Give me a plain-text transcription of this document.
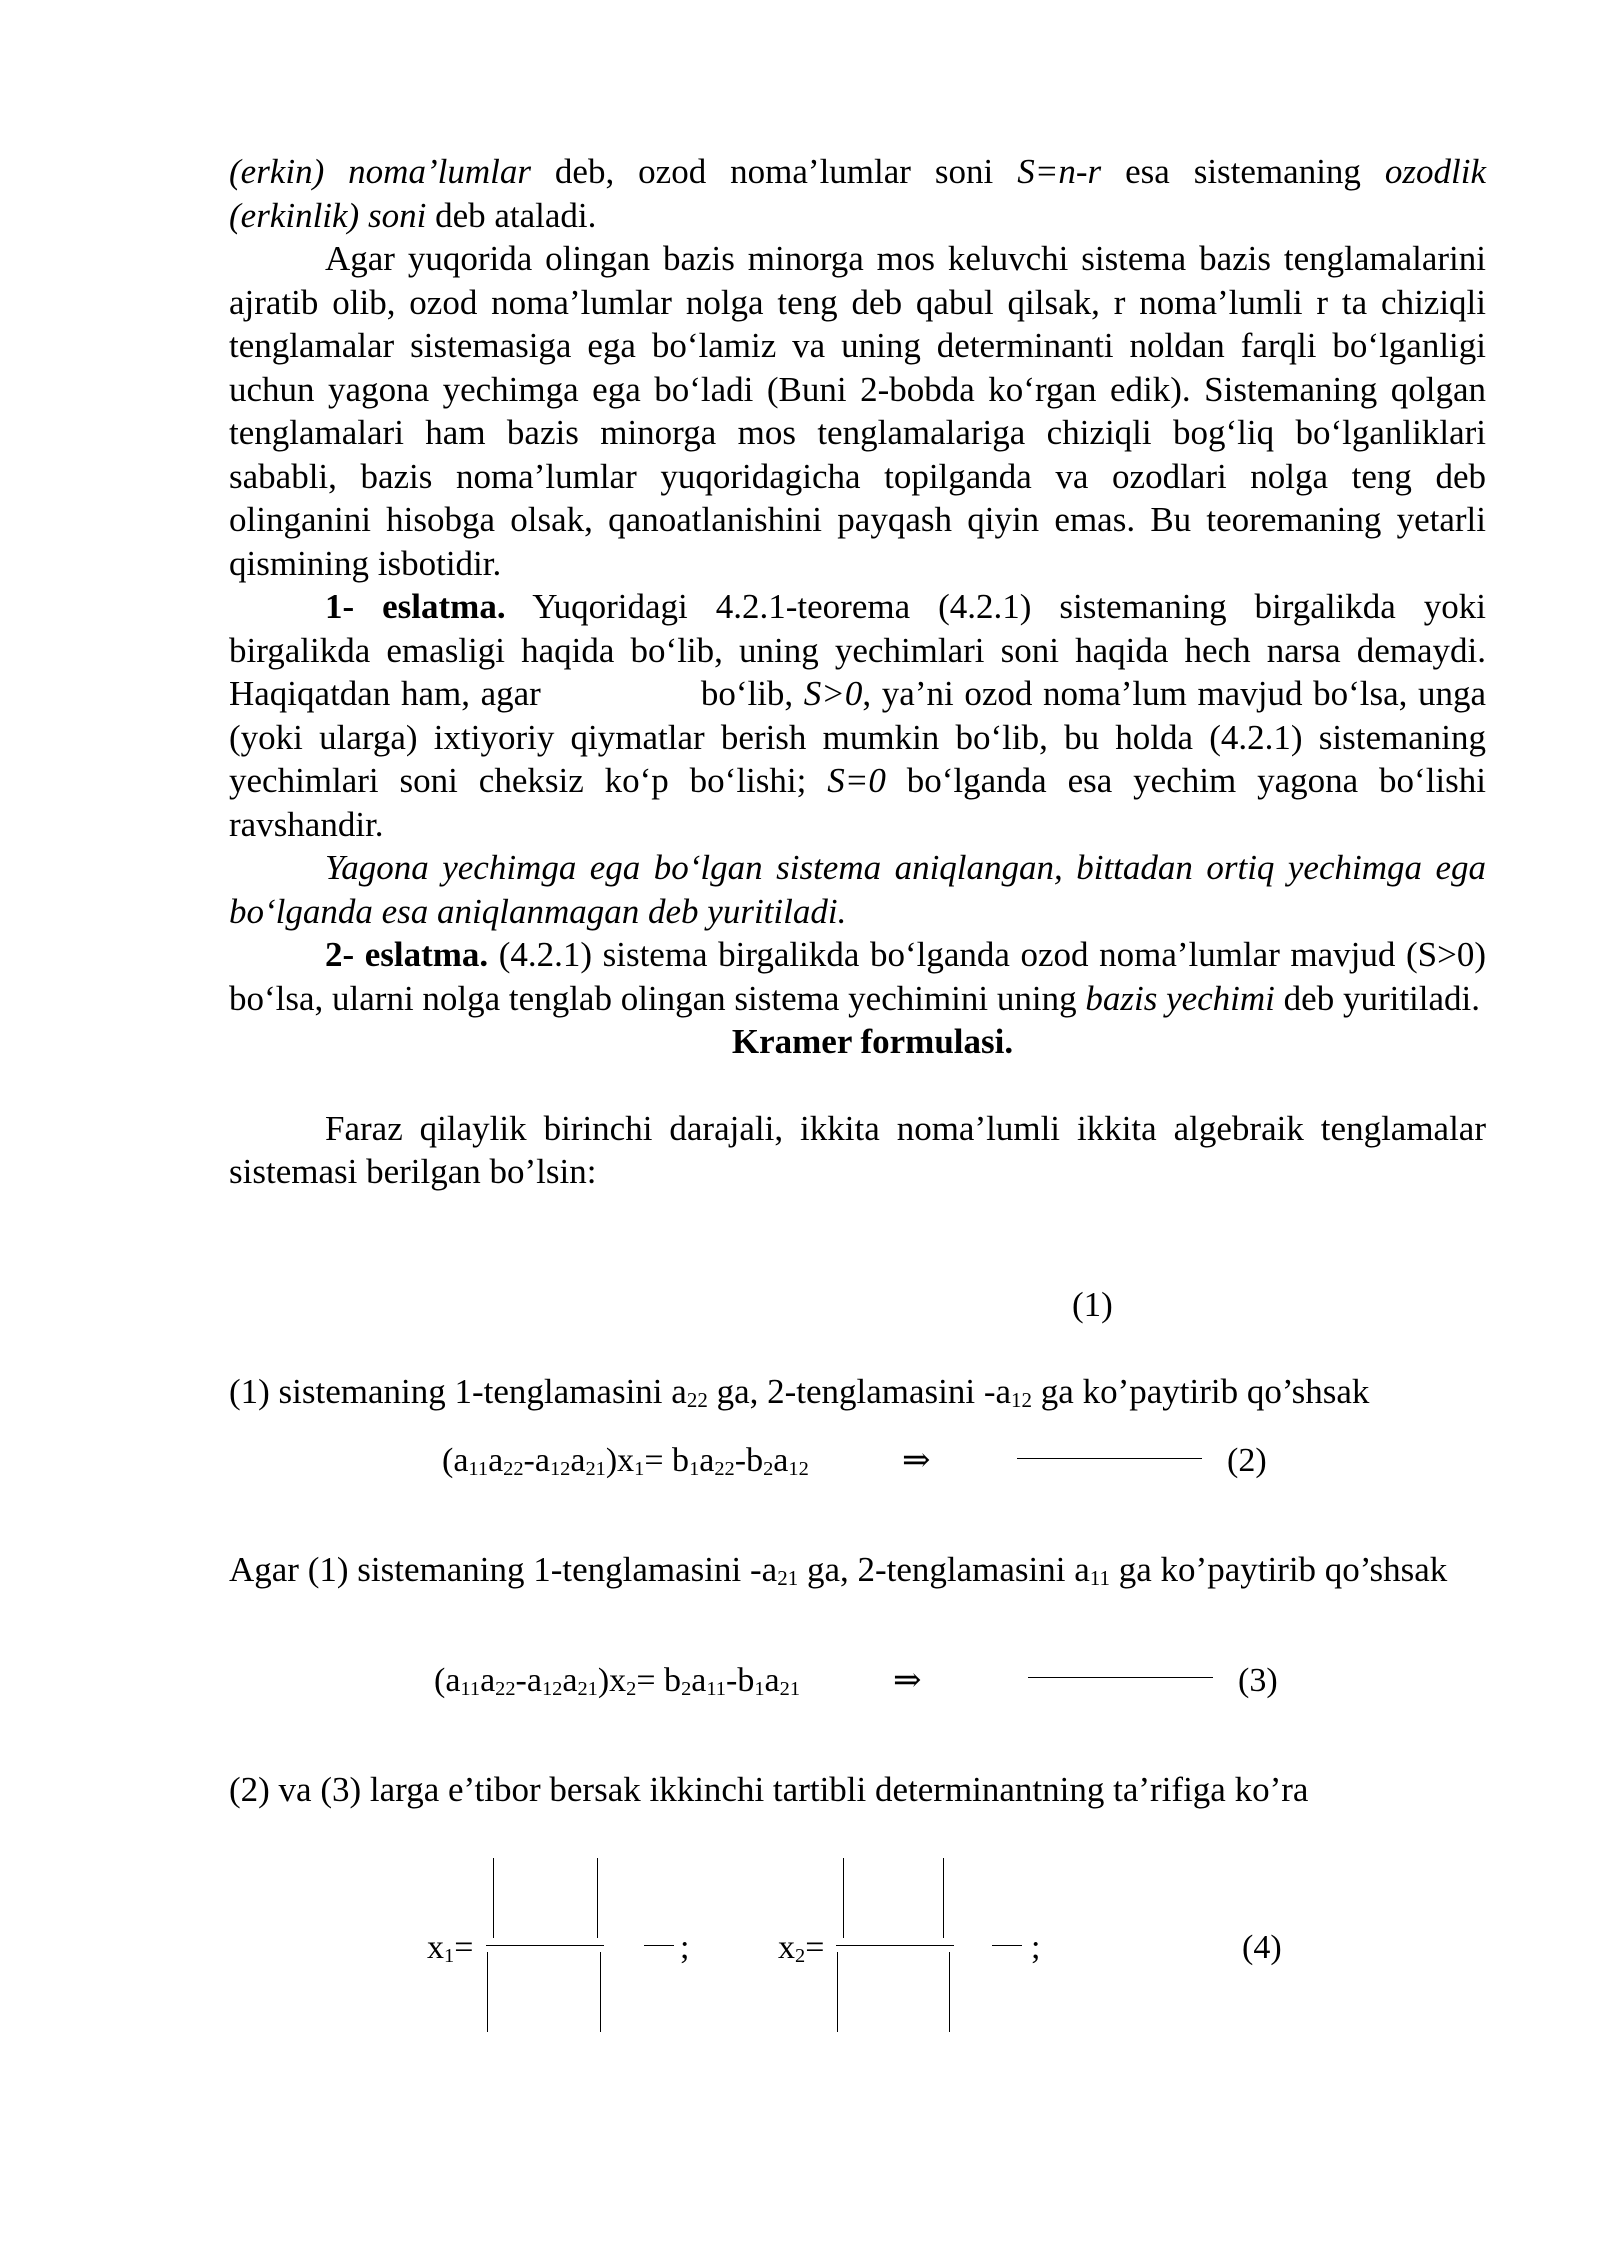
(erkin) noma’lumlar deb, ozod noma’lumlar soni S=n-r esa sistemaning ozodlik (erkinlik) soni deb ataladi.

Agar yuqorida olingan bazis minorga mos keluvchi sistema bazis tenglamalarini ajratib olib, ozod noma’lumlar nolga teng deb qabul qilsak, r noma’lumli r ta chiziqli tenglamalar sistemasiga ega bo‘lamiz va uning determinanti noldan farqli bo‘lganligi uchun yagona yechimga ega bo‘ladi (Buni 2-bobda ko‘rgan edik). Sistemaning qolgan tenglamalari ham bazis minorga mos tenglamalariga chiziqli bog‘liq bo‘lganliklari sababli, bazis noma’lumlar yuqoridagicha topilganda va ozodlari nolga teng deb olinganini hisobga olsak, qanoatlanishini payqash qiyin emas. Bu teoremaning yetarli qismining isbotidir.

1- eslatma. Yuqoridagi 4.2.1-teorema (4.2.1) sistemaning birgalikda yoki birgalikda emasligi haqida bo‘lib, uning yechimlari soni haqida hech narsa demaydi. Haqiqatdan ham, agar	bo‘lib, S>0, ya’ni ozod noma’lum mavjud bo‘lsa, unga (yoki ularga) ixtiyoriy qiymatlar berish mumkin bo‘lib, bu holda (4.2.1) sistemaning yechimlari soni cheksiz ko‘p bo‘lishi; S=0 bo‘lganda esa yechim yagona bo‘lishi ravshandir.

Yagona yechimga ega bo‘lgan sistema aniqlangan, bittadan ortiq yechimga ega bo‘lganda esa aniqlanmagan deb yuritiladi.

2- eslatma. (4.2.1) sistema birgalikda bo‘lganda ozod noma’lumlar mavjud (S>0) bo‘lsa, ularni nolga tenglab olingan sistema yechimini uning bazis yechimi deb yuritiladi.

Kramer formulasi.

Faraz qilaylik birinchi darajali, ikkita noma’lumli ikkita algebraik tenglamalar sistemasi berilgan bo’lsin:

(1)
(1) sistemaning 1-tenglamasini $a_{22}$ ga, 2-tenglamasini $-a_{12}$ ga ko’paytirib qo’shsak
$(a_{11}a_{22}-a_{12}a_{21})x_1= b_1a_{22}-b_2a_{12}$	⇒	(2)
Agar (1) sistemaning 1-tenglamasini $-a_{21}$ ga, 2-tenglamasini $a_{11}$ ga ko’paytirib qo’shsak
$(a_{11}a_{22}-a_{12}a_{21})x_2= b_2a_{11}-b_1a_{21}$	⇒	(3)
(2) va (3) larga e’tibor bersak ikkinchi tartibli determinantning ta’rifiga ko’ra
$x_1=$	;	$x_2=$	;	(4)
